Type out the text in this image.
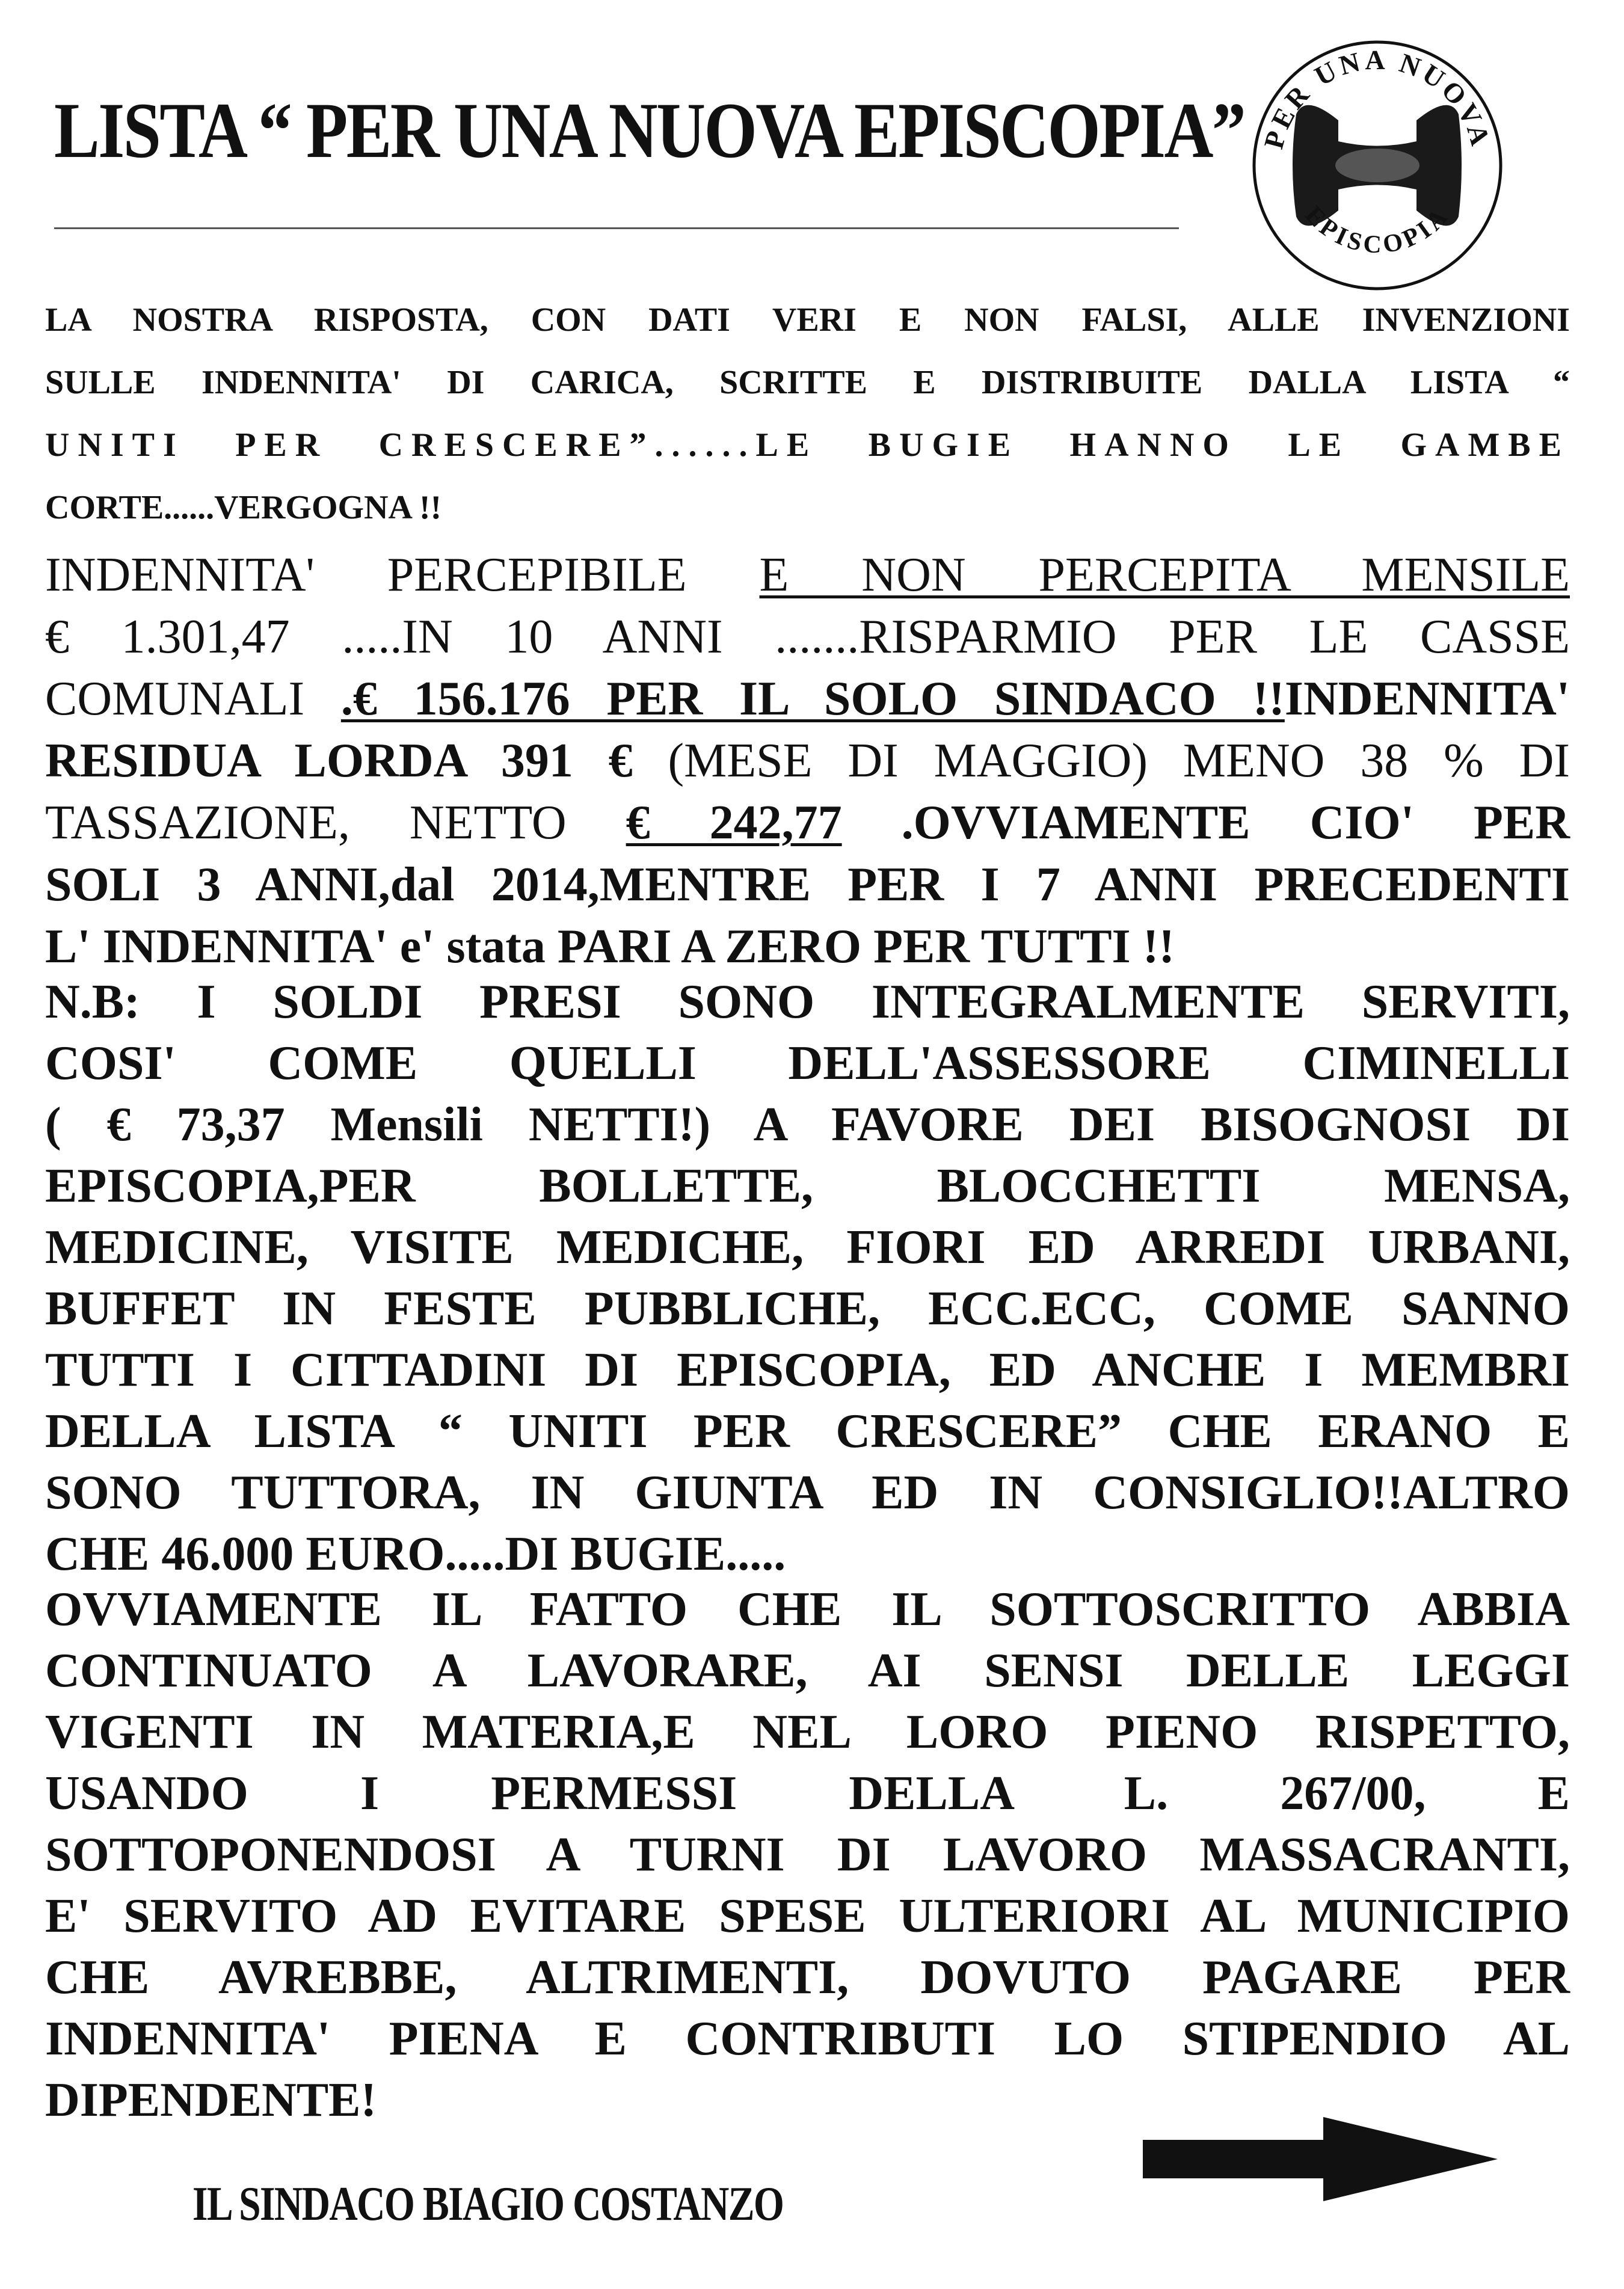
LISTA “ PER UNA NUOVA EPISCOPIA” PER UNA NUOVA
EPISCOPIA
LA NOSTRA RISPOSTA, CON DATI VERI E NON FALSI, ALLE INVENZIONI
SULLE INDENNITA' DI CARICA, SCRITTE E DISTRIBUITE DALLA LISTA “
UNITI PER CRESCERE”......LE BUGIE HANNO LE GAMBE
CORTE......VERGOGNA !!
INDENNITA' PERCEPIBILE E NON PERCEPITA MENSILE
€ 1.301,47 .....IN 10 ANNI .......RISPARMIO PER LE CASSE
COMUNALI .€ 156.176 PER IL SOLO SINDACO !!INDENNITA'
RESIDUA LORDA 391 € (MESE DI MAGGIO) MENO 38 % DI
TASSAZIONE, NETTO € 242,77 .OVVIAMENTE CIO' PER
SOLI 3 ANNI,dal 2014,MENTRE PER I 7 ANNI PRECEDENTI
L' INDENNITA' e' stata PARI A ZERO PER TUTTI !!
N.B: I SOLDI PRESI SONO INTEGRALMENTE SERVITI,
COSI' COME QUELLI DELL'ASSESSORE CIMINELLI
( € 73,37 Mensili NETTI!) A FAVORE DEI BISOGNOSI DI
EPISCOPIA,PER BOLLETTE, BLOCCHETTI MENSA,
MEDICINE, VISITE MEDICHE, FIORI ED ARREDI URBANI,
BUFFET IN FESTE PUBBLICHE, ECC.ECC, COME SANNO
TUTTI I CITTADINI DI EPISCOPIA, ED ANCHE I MEMBRI
DELLA LISTA “ UNITI PER CRESCERE” CHE ERANO E
SONO TUTTORA, IN GIUNTA ED IN CONSIGLIO!!ALTRO
CHE 46.000 EURO.....DI BUGIE.....
OVVIAMENTE IL FATTO CHE IL SOTTOSCRITTO ABBIA
CONTINUATO A LAVORARE, AI SENSI DELLE LEGGI
VIGENTI IN MATERIA,E NEL LORO PIENO RISPETTO,
USANDO I PERMESSI DELLA L. 267/00, E
SOTTOPONENDOSI A TURNI DI LAVORO MASSACRANTI,
E' SERVITO AD EVITARE SPESE ULTERIORI AL MUNICIPIO
CHE AVREBBE, ALTRIMENTI, DOVUTO PAGARE PER
INDENNITA' PIENA E CONTRIBUTI LO STIPENDIO AL
DIPENDENTE!

IL SINDACO BIAGIO COSTANZO
